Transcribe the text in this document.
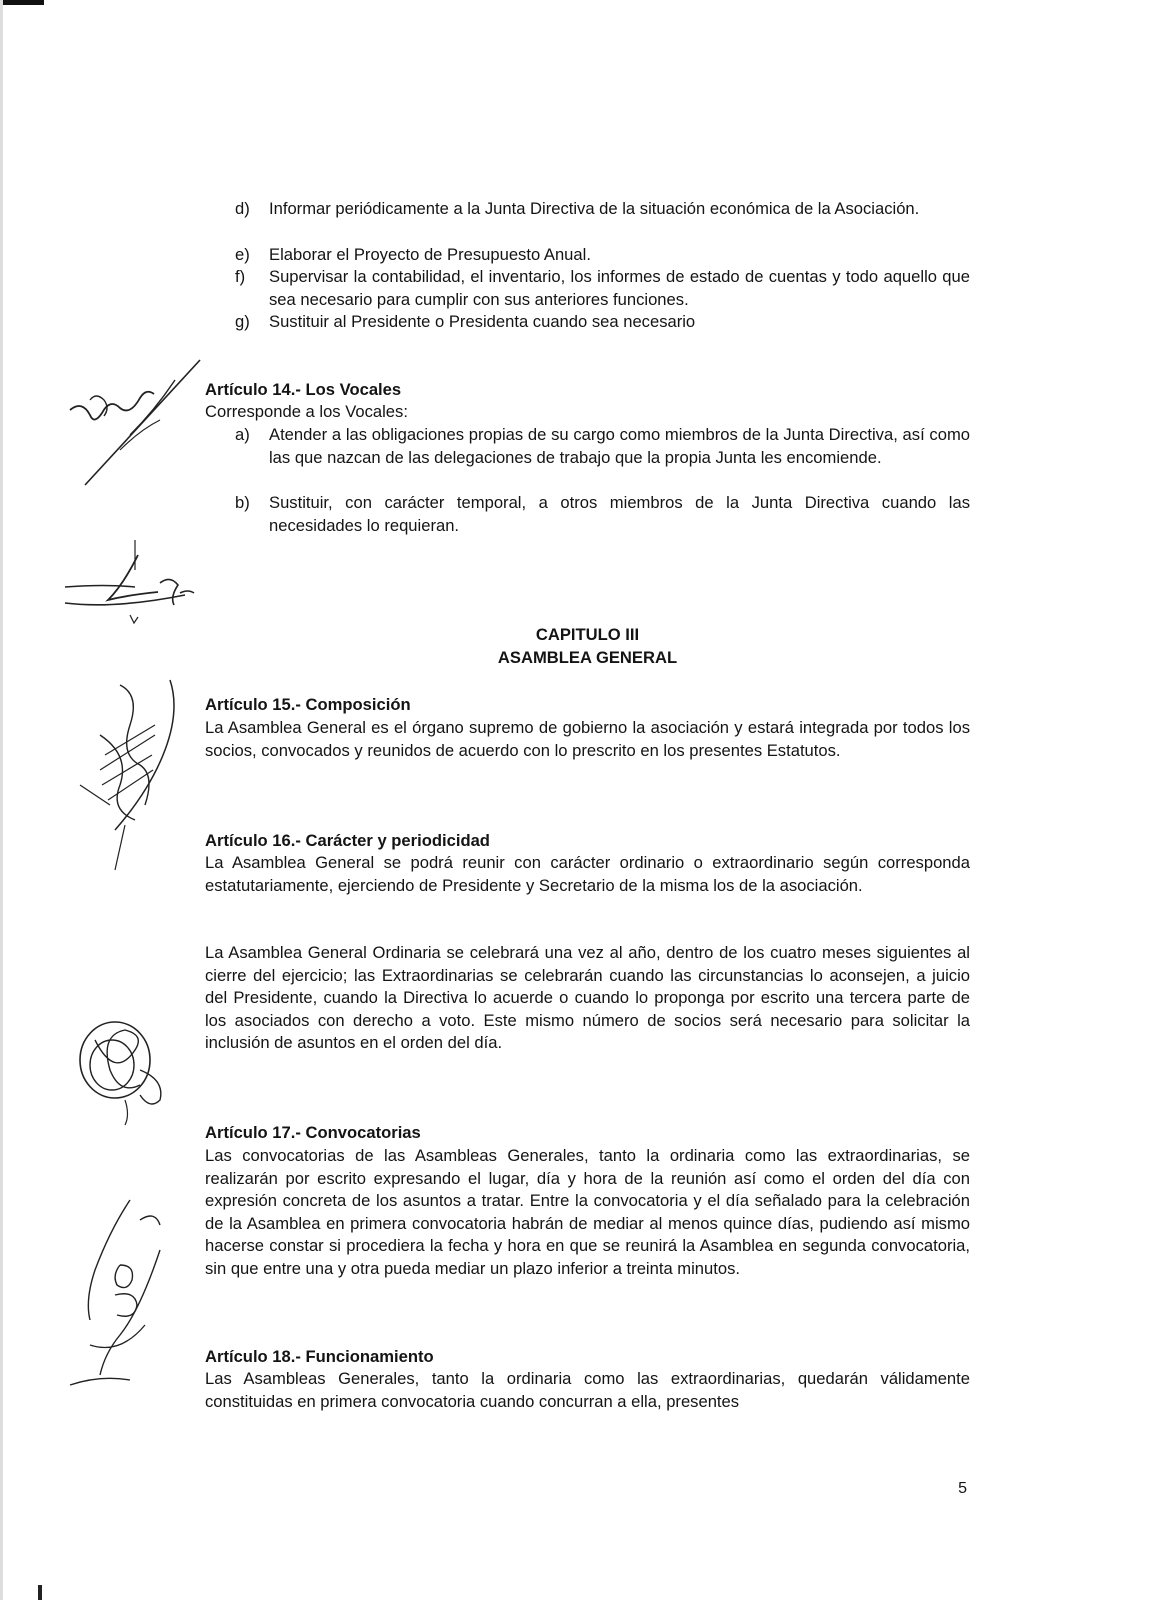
d) Informar periódicamente a la Junta Directiva de la situación económica de la Asociación.
e) Elaborar el Proyecto de Presupuesto Anual.
f) Supervisar la contabilidad, el inventario, los informes de estado de cuentas y todo aquello que sea necesario para cumplir con sus anteriores funciones.
g) Sustituir al Presidente o Presidenta cuando sea necesario
Artículo 14.- Los Vocales
Corresponde a los Vocales:
a) Atender a las obligaciones propias de su cargo como miembros de la Junta Directiva, así como las que nazcan de las delegaciones de trabajo que la propia Junta les encomiende.
b) Sustituir, con carácter temporal, a otros miembros de la Junta Directiva cuando las necesidades lo requieran.
CAPITULO III
ASAMBLEA GENERAL
Artículo 15.- Composición
La Asamblea General es el órgano supremo de gobierno la asociación y estará integrada por todos los socios, convocados y reunidos de acuerdo con lo prescrito en los presentes Estatutos.
Artículo 16.- Carácter y periodicidad
La Asamblea General se podrá reunir con carácter ordinario o extraordinario según corresponda estatutariamente, ejerciendo de Presidente y Secretario de la misma los de la asociación.
La Asamblea General Ordinaria se celebrará una vez al año, dentro de los cuatro meses siguientes al cierre del ejercicio; las Extraordinarias se celebrarán cuando las circunstancias lo aconsejen, a juicio del Presidente, cuando la Directiva lo acuerde o cuando lo proponga por escrito una tercera parte de los asociados con derecho a voto. Este mismo número de socios será necesario para solicitar la inclusión de asuntos en el orden del día.
Artículo 17.- Convocatorias
Las convocatorias de las Asambleas Generales, tanto la ordinaria como las extraordinarias, se realizarán por escrito expresando el lugar, día y hora de la reunión así como el orden del día con expresión concreta de los asuntos a tratar. Entre la convocatoria y el día señalado para la celebración de la Asamblea en primera convocatoria habrán de mediar al menos quince días, pudiendo así mismo hacerse constar si procediera la fecha y hora en que se reunirá la Asamblea en segunda convocatoria, sin que entre una y otra pueda mediar un plazo inferior a treinta minutos.
Artículo 18.- Funcionamiento
Las Asambleas Generales, tanto la ordinaria como las extraordinarias, quedarán válidamente constituidas en primera convocatoria cuando concurran a ella, presentes
5
